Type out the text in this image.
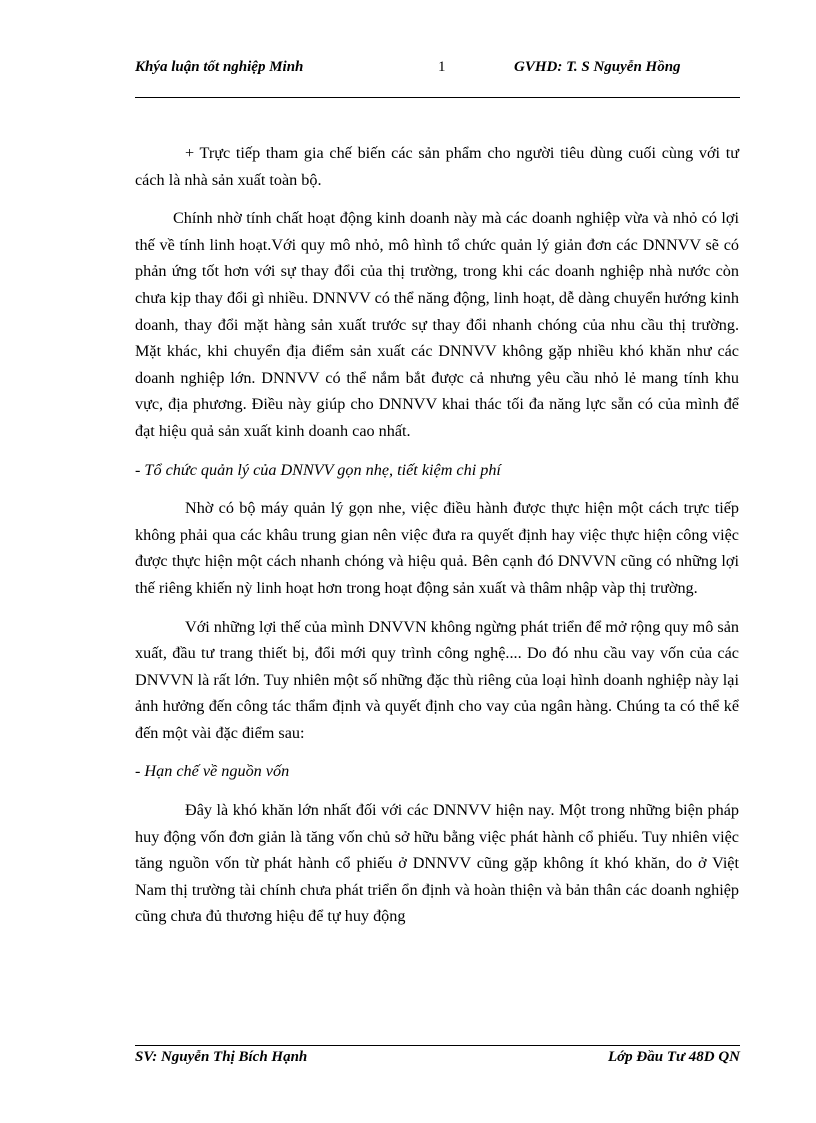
Khýa luận tốt nghiệp Minh	1	GVHD: T. S Nguyễn Hồng

+ Trực tiếp tham gia chế biến các sản phẩm cho người tiêu dùng cuối cùng với tư cách là nhà sản xuất toàn bộ.

Chính nhờ tính chất hoạt động kinh doanh này mà các doanh nghiệp vừa và nhỏ có lợi thế về tính linh hoạt.Với quy mô nhỏ, mô hình tổ chức quản lý giản đơn các DNNVV sẽ có phản ứng tốt hơn với sự thay đổi của thị trường, trong khi các doanh nghiệp nhà nước còn chưa kịp thay đổi gì nhiều. DNNVV có thể năng động, linh hoạt, dễ dàng chuyển hướng kinh doanh, thay đổi mặt hàng sản xuất trước sự thay đổi nhanh chóng của nhu cầu thị trường. Mặt khác, khi chuyển địa điểm sản xuất các DNNVV không gặp nhiều khó khăn như các doanh nghiệp lớn. DNNVV có thể nắm bắt được cả nhưng yêu cầu nhỏ lẻ mang tính khu vực, địa phương. Điều này giúp cho DNNVV khai thác tối đa năng lực sẵn có của mình để đạt hiệu quả sản xuất kinh doanh cao nhất.

- Tổ chức quản lý của DNNVV gọn nhẹ, tiết kiệm chi phí

Nhờ có bộ máy quản lý gọn nhe, việc điều hành được thực hiện một cách trực tiếp không phải qua các khâu trung gian nên việc đưa ra quyết định hay việc thực hiện công việc được thực hiện một cách nhanh chóng và hiệu quả. Bên cạnh đó DNVVN cũng có những lợi thế riêng khiến nỳ linh hoạt hơn trong hoạt động sản xuất và thâm nhập vàp thị trường.

Với những lợi thế của mình DNVVN không ngừng phát triển để mở rộng quy mô sản xuất, đầu tư trang thiết bị, đổi mới quy trình công nghệ.... Do đó nhu cầu vay vốn của các DNVVN là rất lớn. Tuy nhiên một số những đặc thù riêng của loại hình doanh nghiệp này lại ảnh hưởng đến công tác thẩm định và quyết định cho vay của ngân hàng. Chúng ta có thể kể đến một vài đặc điểm sau:

- Hạn chế về nguồn vốn

Đây là khó khăn lớn nhất đối với các DNNVV hiện nay. Một trong những biện pháp huy động vốn đơn giản là tăng vốn chủ sở hữu bằng việc phát hành cổ phiếu. Tuy nhiên việc tăng nguồn vốn từ phát hành cổ phiếu ở DNNVV cũng gặp không ít khó khăn, do ở Việt Nam thị trường tài chính chưa phát triển ổn định và hoàn thiện và bản thân các doanh nghiệp cũng chưa đủ thương hiệu để tự huy động

SV: Nguyễn Thị Bích Hạnh	Lớp Đầu Tư 48D QN
